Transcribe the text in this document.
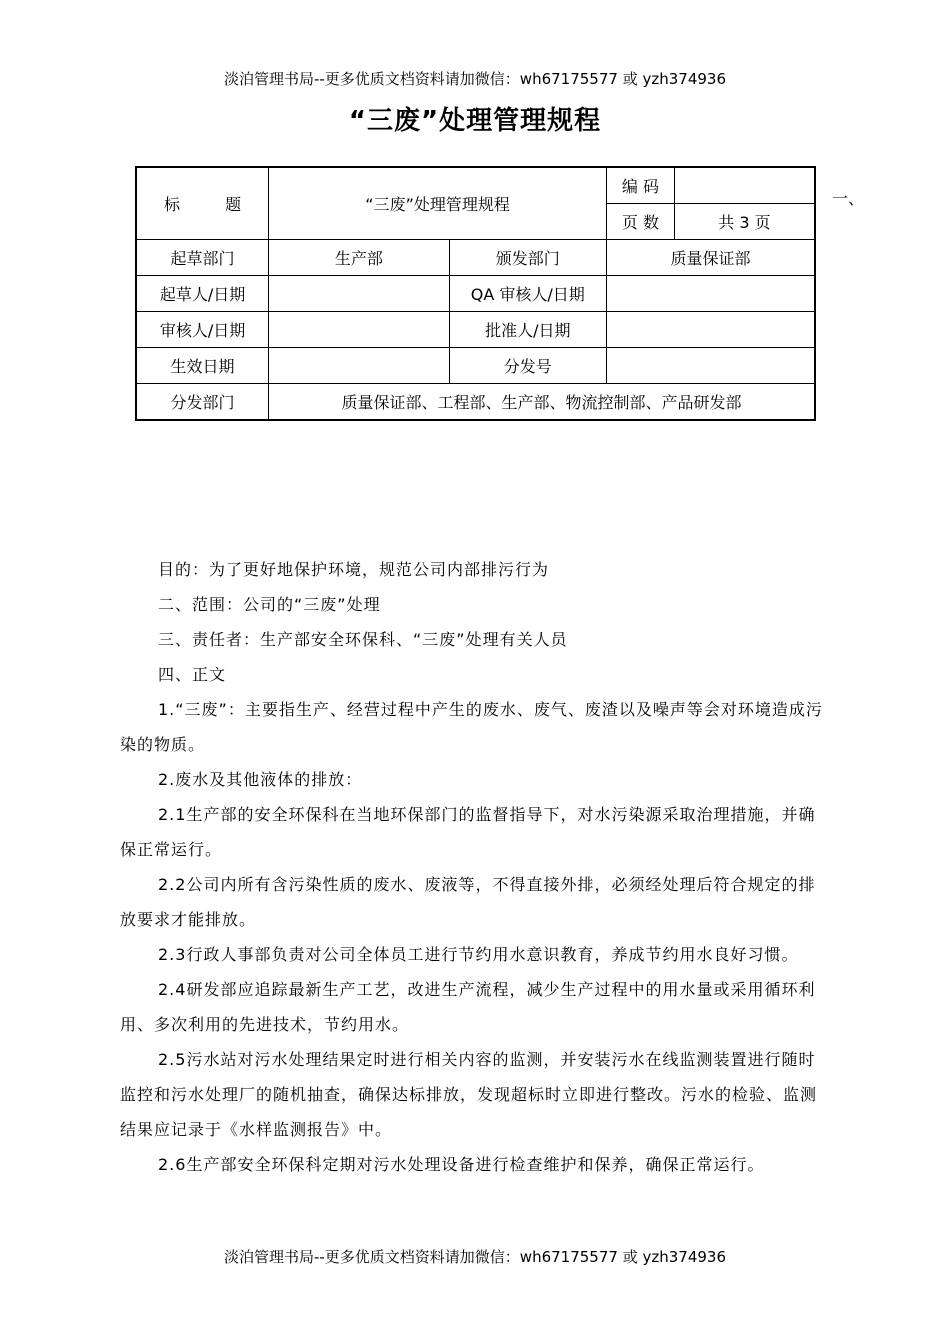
淡泊管理书局--更多优质文档资料请加微信：wh67175577 或 yzh374936
“三废”处理管理规程
标 题	“三废”处理管理规程		编 码	
			页 数	共 3 页
起草部门	生产部	颁发部门	质量保证部	
起草人/日期		QA 审核人/日期		
审核人/日期		批准人/日期		
生效日期		分发号		
分发部门	质量保证部、工程部、生产部、物流控制部、产品研发部			
一、

目的：为了更好地保护环境，规范公司内部排污行为

二、范围：公司的“三废”处理

三、责任者：生产部安全环保科、“三废”处理有关人员

四、正文

1.“三废”：主要指生产、经营过程中产生的废水、废气、废渣以及噪声等会对环境造成污染的物质。

2.废水及其他液体的排放：

2.1生产部的安全环保科在当地环保部门的监督指导下，对水污染源采取治理措施，并确保正常运行。

2.2公司内所有含污染性质的废水、废液等，不得直接外排，必须经处理后符合规定的排放要求才能排放。

2.3行政人事部负责对公司全体员工进行节约用水意识教育，养成节约用水良好习惯。

2.4研发部应追踪最新生产工艺，改进生产流程，减少生产过程中的用水量或采用循环利用、多次利用的先进技术，节约用水。

2.5污水站对污水处理结果定时进行相关内容的监测，并安装污水在线监测装置进行随时监控和污水处理厂的随机抽查，确保达标排放，发现超标时立即进行整改。污水的检验、监测结果应记录于《水样监测报告》中。

2.6生产部安全环保科定期对污水处理设备进行检查维护和保养，确保正常运行。

淡泊管理书局--更多优质文档资料请加微信：wh67175577 或 yzh374936
